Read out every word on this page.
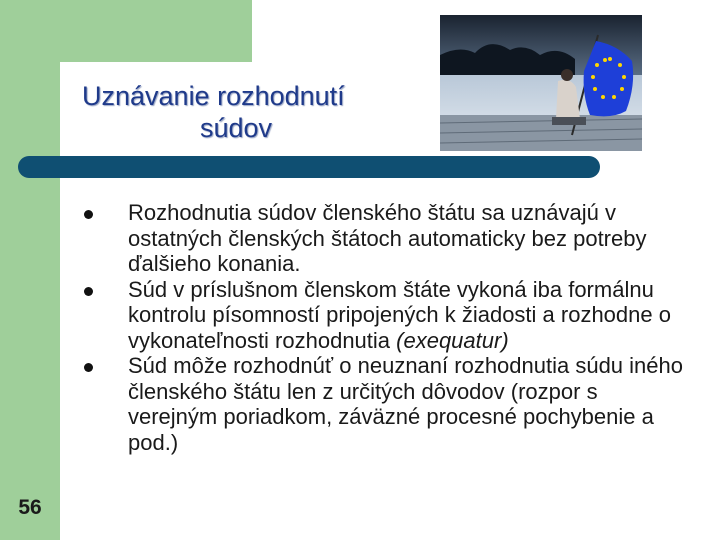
Uznávanie rozhodnutí
súdov
Rozhodnutia súdov členského štátu sa uznávajú v ostatných členských štátoch automaticky bez potreby ďalšieho konania.
Súd v príslušnom členskom štáte vykoná iba formálnu kontrolu písomností pripojených k žiadosti a rozhodne o vykonateľnosti rozhodnutia (exequatur)
Súd môže rozhodnúť o neuznaní rozhodnutia súdu iného členského štátu len z určitých dôvodov (rozpor s verejným poriadkom, záväzné procesné pochybenie a pod.)
56
